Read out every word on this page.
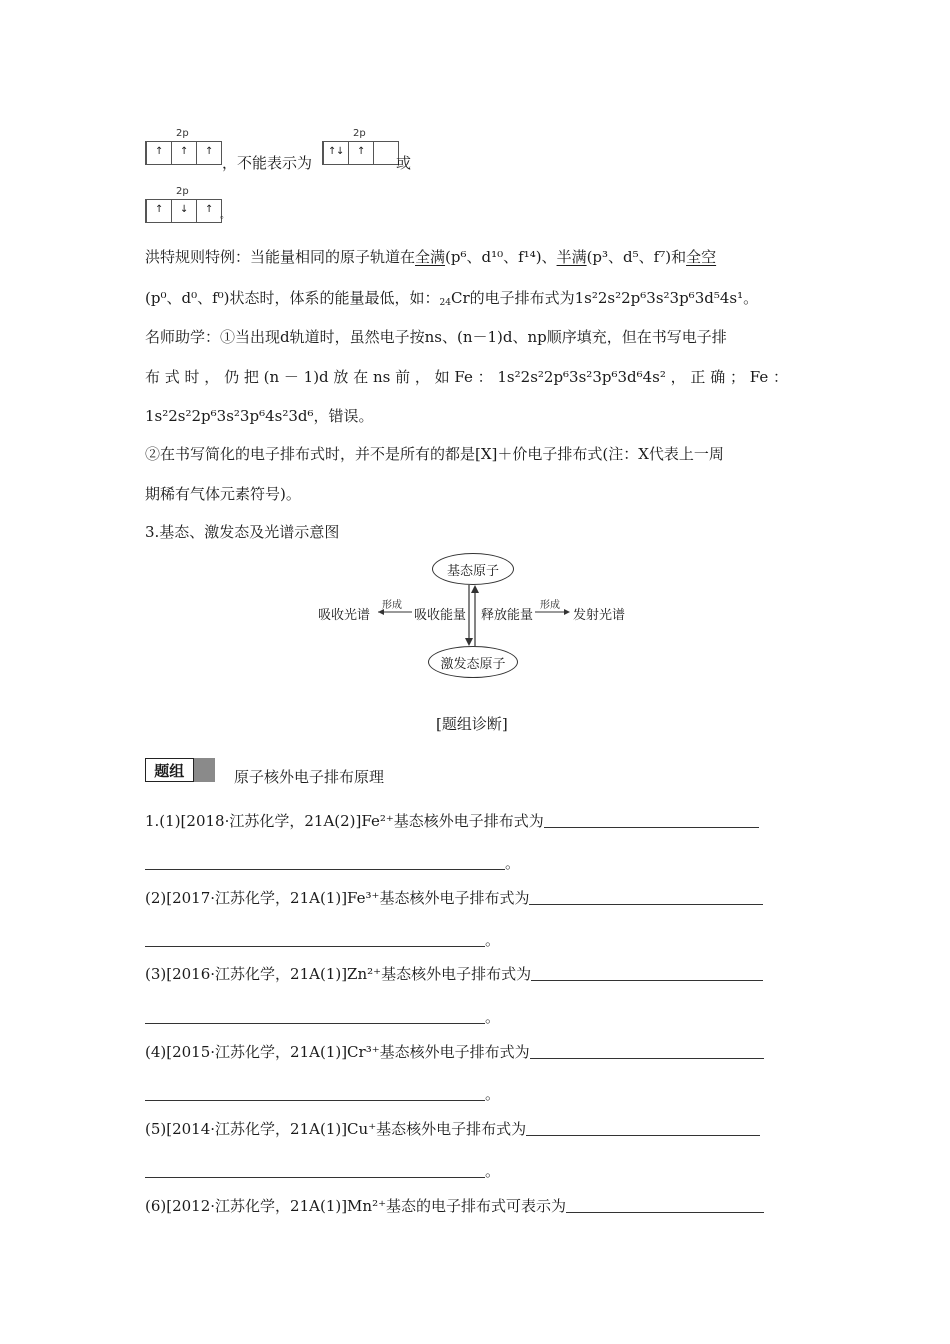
2p
↑ ↑ ↑
，不能表示为
2p
↑ ↓ ↑
或
2p
↑ ↓ ↑
。
洪特规则特例：当能量相同的原子轨道在全满(p⁶、d¹⁰、f¹⁴)、半满(p³、d⁵、f⁷)和全空
(p⁰、d⁰、f⁰)状态时，体系的能量最低，如：$_{24}$Cr的电子排布式为1s²2s²2p⁶3s²3p⁶3d⁵4s¹。
名师助学：①当出现d轨道时，虽然电子按ns、(n－1)d、np顺序填充，但在书写电子排
布 式 时 ， 仍 把 (n － 1)d 放 在 ns 前 ， 如 Fe ： 1s²2s²2p⁶3s²3p⁶3d⁶4s² ， 正 确 ； Fe ：
1s²2s²2p⁶3s²3p⁶4s²3d⁶，错误。
②在书写简化的电子排布式时，并不是所有的都是[X]＋价电子排布式(注：X代表上一周
期稀有气体元素符号)。
3.基态、激发态及光谱示意图
基态原子
激发态原子
吸收光谱	吸收能量 释放能量	发射光谱
形成	形成
[题组诊断]
题组	原子核外电子排布原理
1.(1)[2018·江苏化学，21A(2)]Fe²⁺基态核外电子排布式为
。
(2)[2017·江苏化学，21A(1)]Fe³⁺基态核外电子排布式为
。
(3)[2016·江苏化学，21A(1)]Zn²⁺基态核外电子排布式为
。
(4)[2015·江苏化学，21A(1)]Cr³⁺基态核外电子排布式为
。
(5)[2014·江苏化学，21A(1)]Cu⁺基态核外电子排布式为
。
(6)[2012·江苏化学，21A(1)]Mn²⁺基态的电子排布式可表示为
